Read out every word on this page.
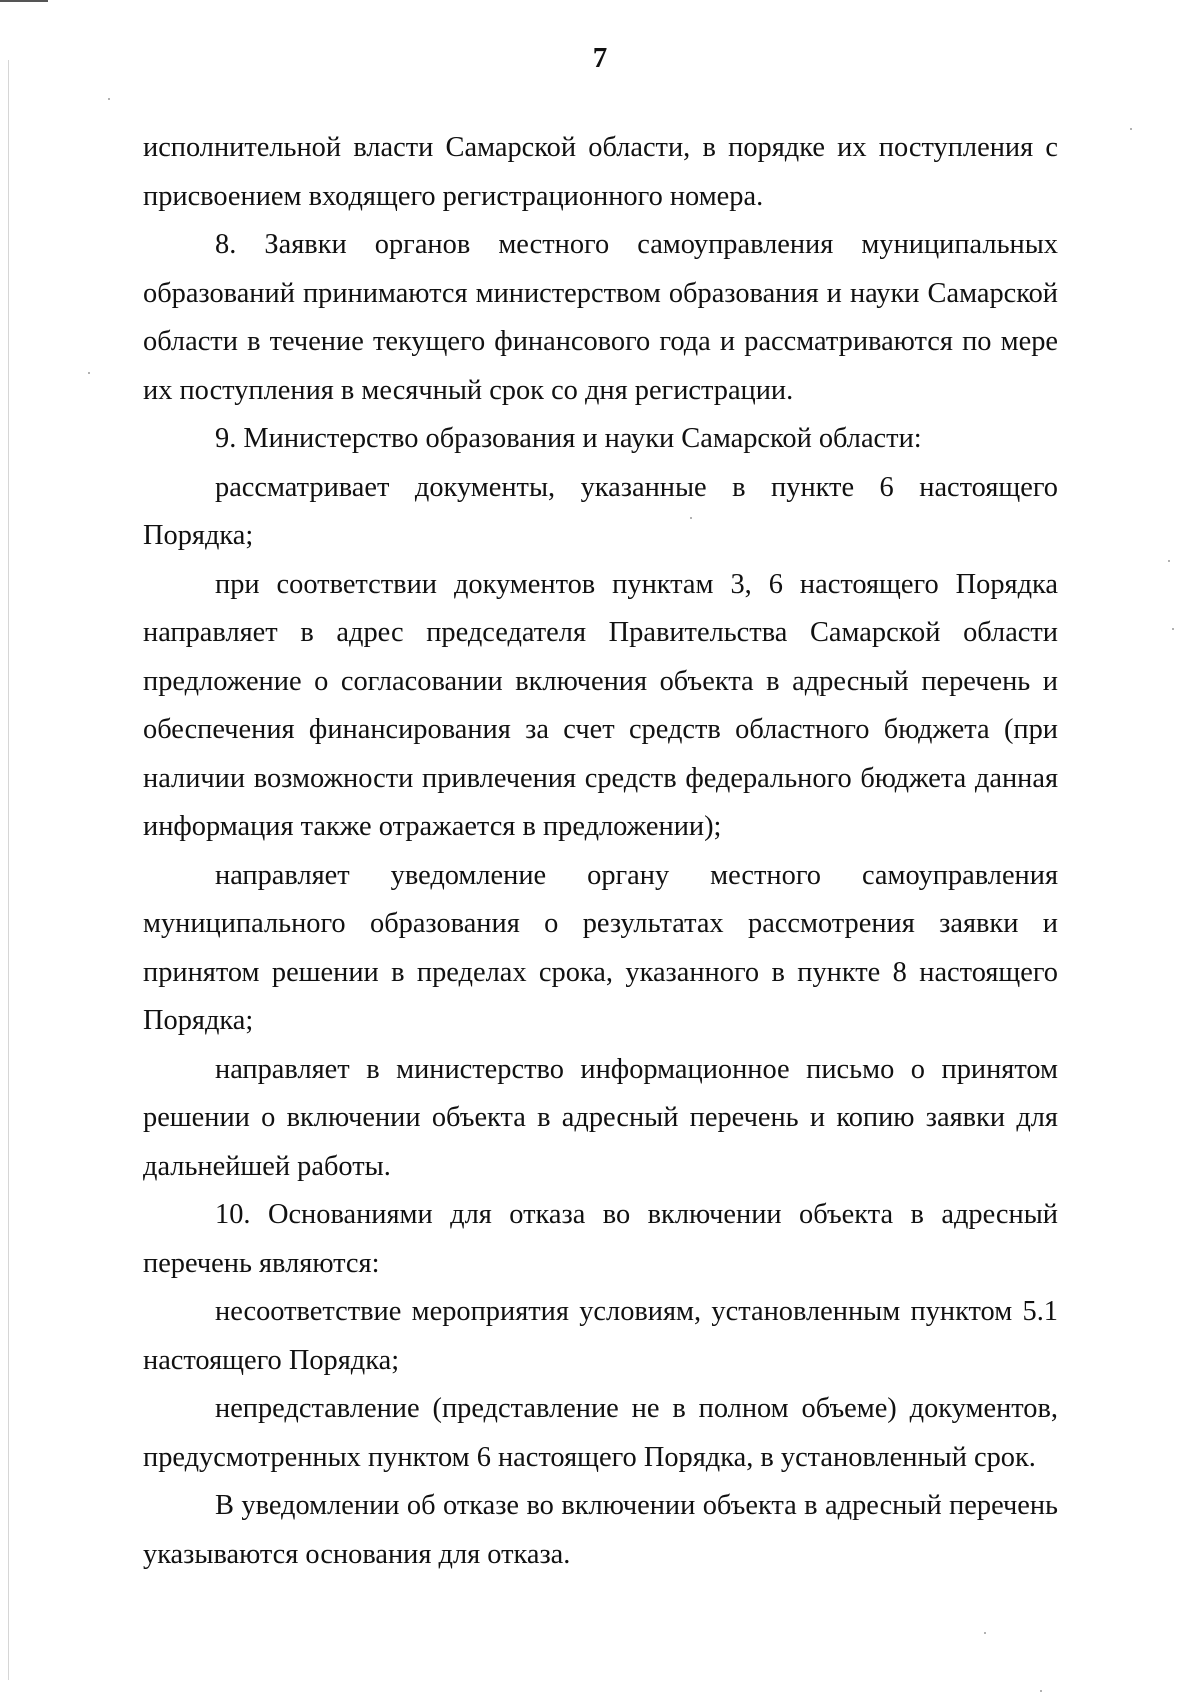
7

исполнительной власти Самарской области, в порядке их поступления с присвоением входящего регистрационного номера.

8. Заявки органов местного самоуправления муниципальных образований принимаются министерством образования и науки Самарской области в течение текущего финансового года и рассматриваются по мере их поступления в месячный срок со дня регистрации.

9. Министерство образования и науки Самарской области:

рассматривает документы, указанные в пункте 6 настоящего Порядка;

при соответствии документов пунктам 3, 6 настоящего Порядка направляет в адрес председателя Правительства Самарской области предложение о согласовании включения объекта в адресный перечень и обеспечения финансирования за счет средств областного бюджета (при наличии возможности привлечения средств федерального бюджета данная информация также отражается в предложении);

направляет уведомление органу местного самоуправления муниципального образования о результатах рассмотрения заявки и принятом решении в пределах срока, указанного в пункте 8 настоящего Порядка;

направляет в министерство информационное письмо о принятом решении о включении объекта в адресный перечень и копию заявки для дальнейшей работы.

10. Основаниями для отказа во включении объекта в адресный перечень являются:

несоответствие мероприятия условиям, установленным пунктом 5.1 настоящего Порядка;

непредставление (представление не в полном объеме) документов, предусмотренных пунктом 6 настоящего Порядка, в установленный срок.

В уведомлении об отказе во включении объекта в адресный перечень указываются основания для отказа.
